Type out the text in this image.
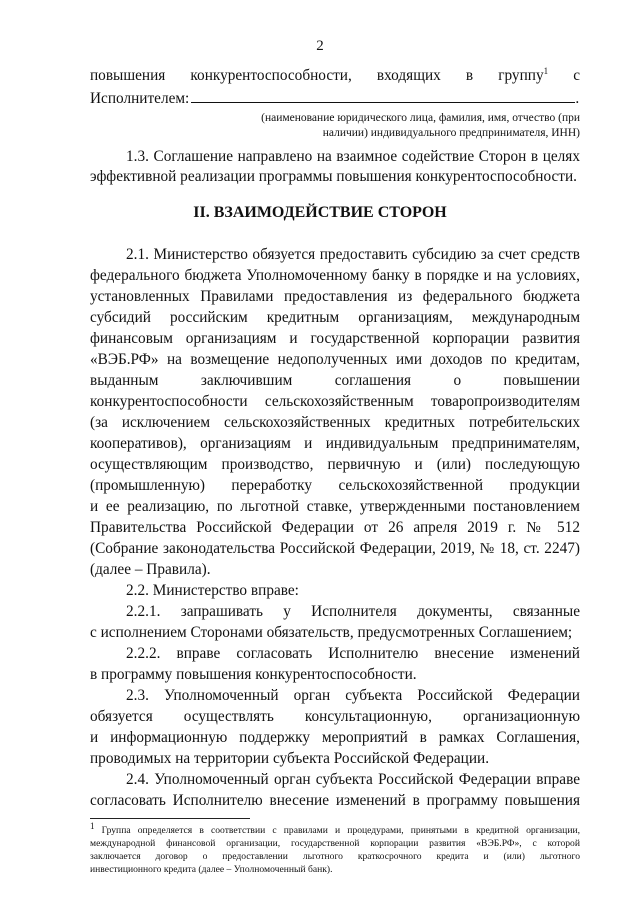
2
повышения конкурентоспособности, входящих в группу$^1$ с
Исполнителем:	.
(наименование юридического лица, фамилия, имя, отчество (при
наличии) индивидуального предпринимателя, ИНН)
1.3. Соглашение направлено на взаимное содействие Сторон в целях
эффективной реализации программы повышения конкурентоспособности.
II. ВЗАИМОДЕЙСТВИЕ СТОРОН
2.1. Министерство обязуется предоставить субсидию за счет средств
федерального бюджета Уполномоченному банку в порядке и на условиях,
установленных Правилами предоставления из федерального бюджета
субсидий российским кредитным организациям, международным
финансовым организациям и государственной корпорации развития
«ВЭБ.РФ» на возмещение недополученных ими доходов по кредитам,
выданным заключившим соглашения о повышении
конкурентоспособности сельскохозяйственным товаропроизводителям
(за исключением сельскохозяйственных кредитных потребительских
кооперативов), организациям и индивидуальным предпринимателям,
осуществляющим производство, первичную и (или) последующую
(промышленную) переработку сельскохозяйственной продукции
и ее реализацию, по льготной ставке, утвержденными постановлением
Правительства Российской Федерации от 26 апреля 2019 г. № 512
(Собрание законодательства Российской Федерации, 2019, № 18, ст. 2247)
(далее – Правила).
2.2. Министерство вправе:
2.2.1. запрашивать у Исполнителя документы, связанные
с исполнением Сторонами обязательств, предусмотренных Соглашением;
2.2.2. вправе согласовать Исполнителю внесение изменений
в программу повышения конкурентоспособности.
2.3. Уполномоченный орган субъекта Российской Федерации
обязуется осуществлять консультационную, организационную
и информационную поддержку мероприятий в рамках Соглашения,
проводимых на территории субъекта Российской Федерации.
2.4. Уполномоченный орган субъекта Российской Федерации вправе
согласовать Исполнителю внесение изменений в программу повышения
$^1$ Группа определяется в соответствии с правилами и процедурами, принятыми в кредитной организации,
международной финансовой организации, государственной корпорации развития «ВЭБ.РФ», с которой
заключается договор о предоставлении льготного краткосрочного кредита и (или) льготного
инвестиционного кредита (далее – Уполномоченный банк).
